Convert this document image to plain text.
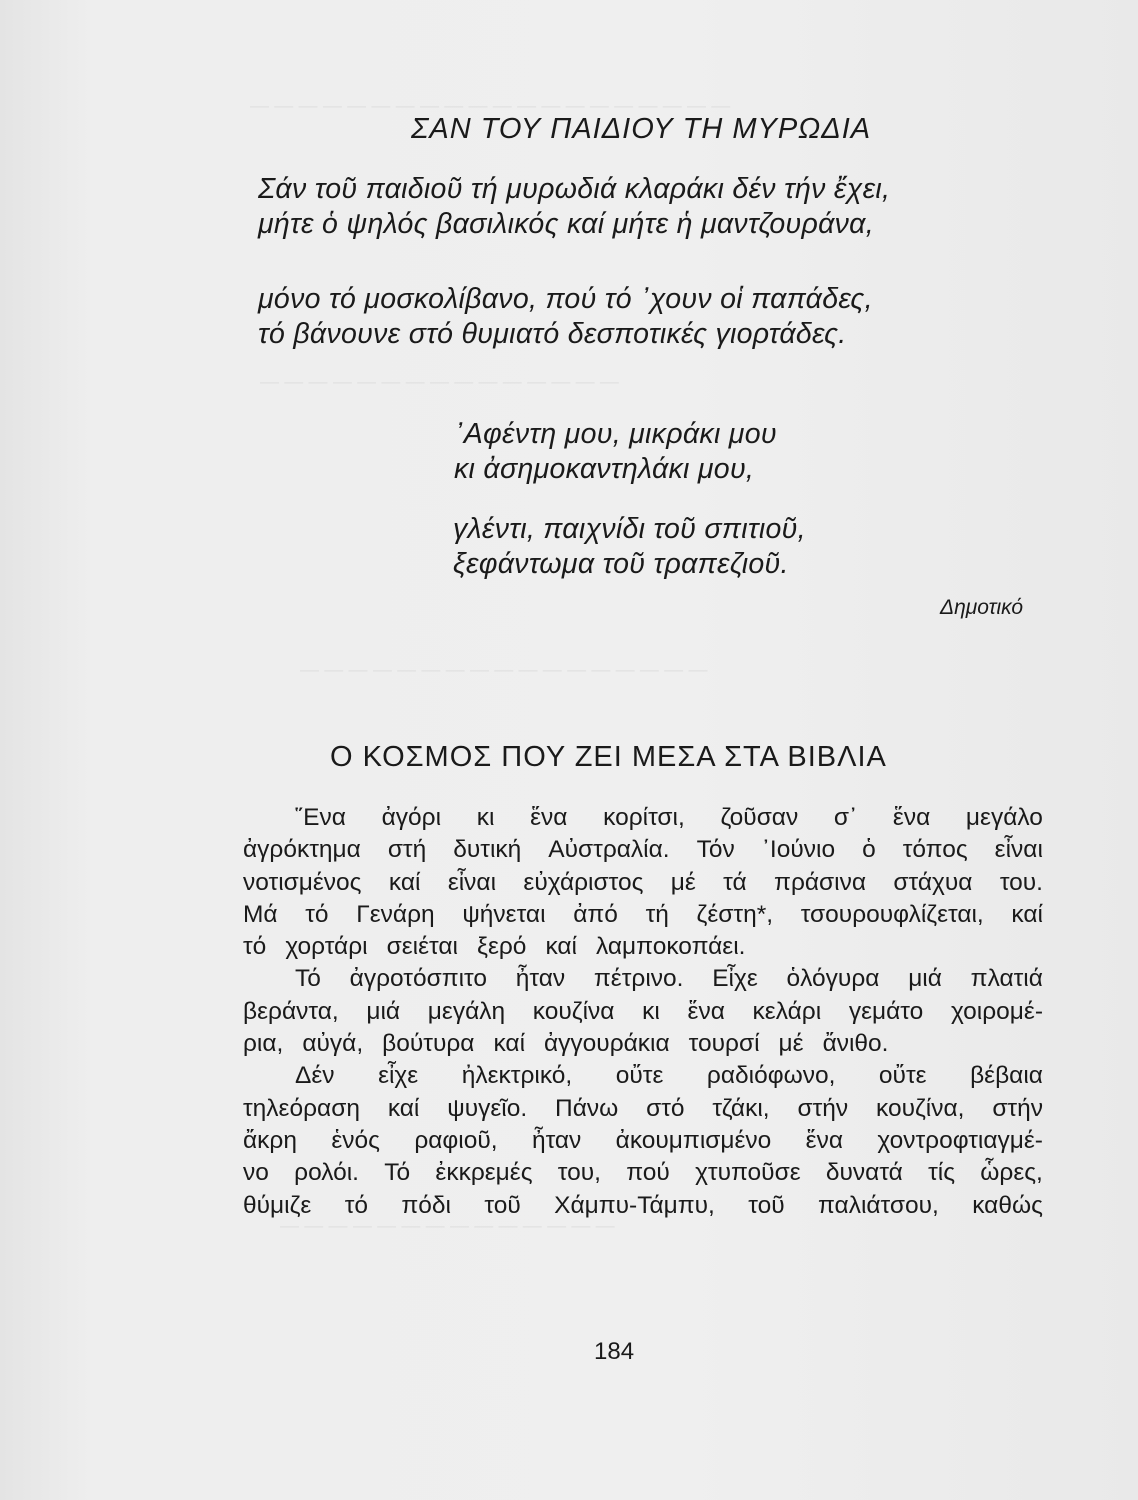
— — — — — — — — — — — — — — — — — — — —
— — — — — — — — — — — — — — —
— — — — — — — — — — — — — — — — —
— — — — — — — — — — — — — —
ΣΑΝ ΤΟΥ ΠΑΙΔΙΟΥ ΤΗ ΜΥΡΩΔΙΑ
Σάν τοῦ παιδιοῦ τή μυρωδιά κλαράκι δέν τήν ἔχει,
μήτε ὁ ψηλός βασιλικός καί μήτε ἡ μαντζουράνα,
μόνο τό μοσκολίβανο, πού τό ᾽χουν οἱ παπάδες,
τό βάνουνε στό θυμιατό δεσποτικές γιορτάδες.
᾽Αφέντη μου, μικράκι μου
κι ἀσημοκαντηλάκι μου,
γλέντι, παιχνίδι τοῦ σπιτιοῦ,
ξεφάντωμα τοῦ τραπεζιοῦ.
Δημοτικό
Ο ΚΟΣΜΟΣ ΠΟΥ ΖΕΙ ΜΕΣΑ ΣΤΑ ΒΙΒΛΙΑ
῞Ενα ἀγόρι κι ἕνα κορίτσι, ζοῦσαν σ᾽ ἕνα μεγάλο
ἀγρόκτημα στή δυτική Αὐστραλία. Τόν ᾽Ιούνιο ὁ τόπος εἶναι
νοτισμένος καί εἶναι εὐχάριστος μέ τά πράσινα στάχυα του.
Μά τό Γενάρη ψήνεται ἀπό τή ζέστη*, τσουρουφλίζεται, καί
τό χορτάρι σειέται ξερό καί λαμποκοπάει.
Τό ἀγροτόσπιτο ἦταν πέτρινο. Εἶχε ὁλόγυρα μιά πλατιά
βεράντα, μιά μεγάλη κουζίνα κι ἕνα κελάρι γεμάτο χοιρομέ-
ρια, αὐγά, βούτυρα καί ἀγγουράκια τουρσί μέ ἄνιθο.
Δέν εἶχε ἠλεκτρικό, οὔτε ραδιόφωνο, οὔτε βέβαια
τηλεόραση καί ψυγεῖο. Πάνω στό τζάκι, στήν κουζίνα, στήν
ἄκρη ἑνός ραφιοῦ, ἦταν ἀκουμπισμένο ἕνα χοντροφτιαγμέ-
νο ρολόι. Τό ἐκκρεμές του, πού χτυποῦσε δυνατά τίς ὧρες,
θύμιζε τό πόδι τοῦ Χάμπυ-Τάμπυ, τοῦ παλιάτσου, καθώς
184
